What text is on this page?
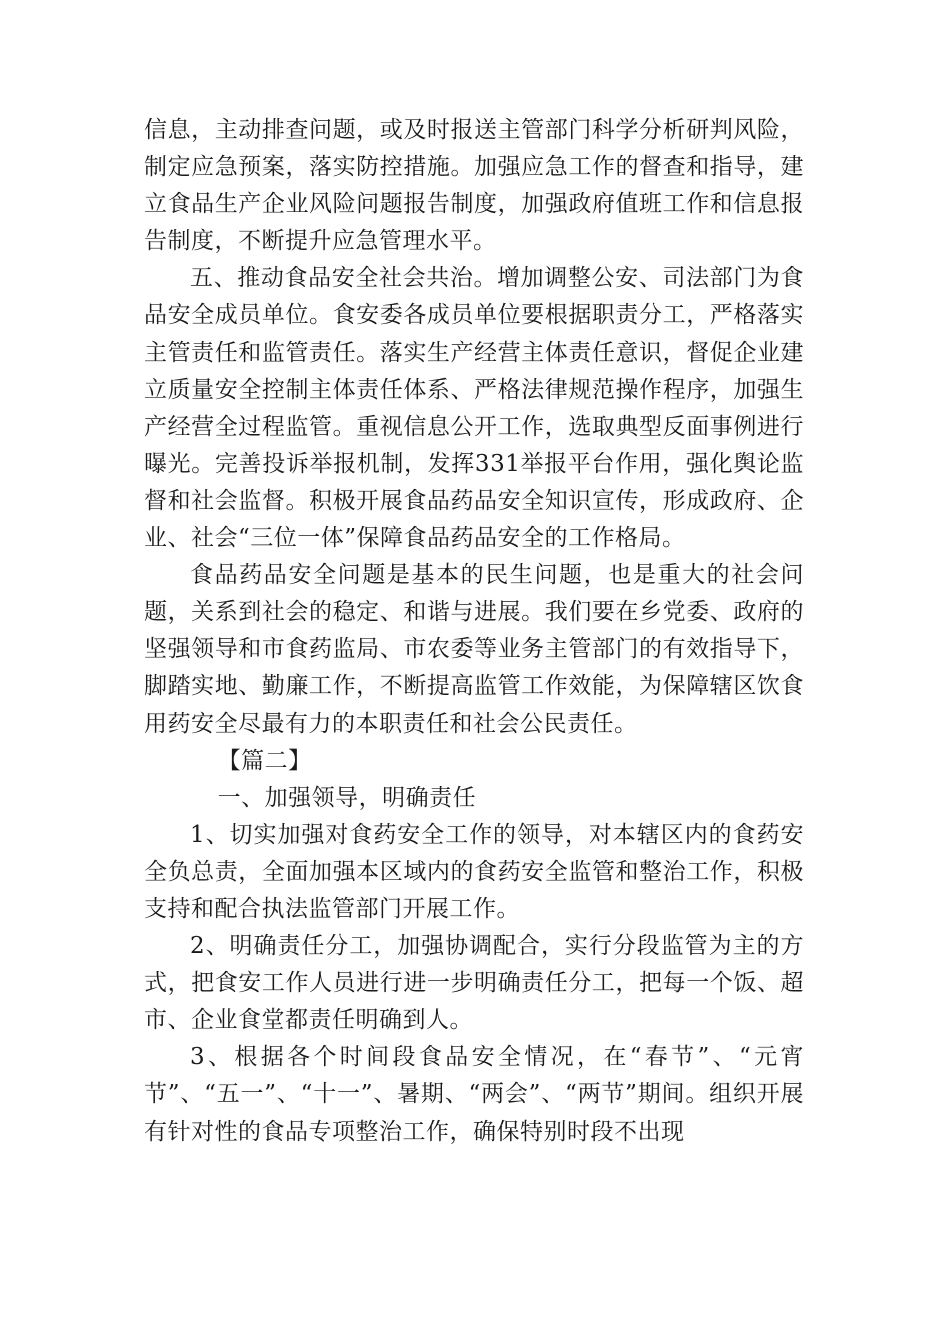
信息，主动排查问题，或及时报送主管部门科学分析研判风险，制定应急预案，落实防控措施。加强应急工作的督查和指导，建立食品生产企业风险问题报告制度，加强政府值班工作和信息报告制度，不断提升应急管理水平。

五、推动食品安全社会共治。增加调整公安、司法部门为食品安全成员单位。食安委各成员单位要根据职责分工，严格落实主管责任和监管责任。落实生产经营主体责任意识，督促企业建立质量安全控制主体责任体系、严格法律规范操作程序，加强生产经营全过程监管。重视信息公开工作，选取典型反面事例进行曝光。完善投诉举报机制，发挥331举报平台作用，强化舆论监督和社会监督。积极开展食品药品安全知识宣传，形成政府、企业、社会“三位一体”保障食品药品安全的工作格局。

食品药品安全问题是基本的民生问题，也是重大的社会问题，关系到社会的稳定、和谐与进展。我们要在乡党委、政府的坚强领导和市食药监局、市农委等业务主管部门的有效指导下，脚踏实地、勤廉工作，不断提高监管工作效能，为保障辖区饮食用药安全尽最有力的本职责任和社会公民责任。

【篇二】

一、加强领导，明确责任

1、切实加强对食药安全工作的领导，对本辖区内的食药安全负总责，全面加强本区域内的食药安全监管和整治工作，积极支持和配合执法监管部门开展工作。

2、明确责任分工，加强协调配合，实行分段监管为主的方式，把食安工作人员进行进一步明确责任分工，把每一个饭、超市、企业食堂都责任明确到人。

3、根据各个时间段食品安全情况，在“春节”、“元宵节”、“五一”、“十一”、暑期、“两会”、“两节”期间。组织开展有针对性的食品专项整治工作，确保特别时段不出现
